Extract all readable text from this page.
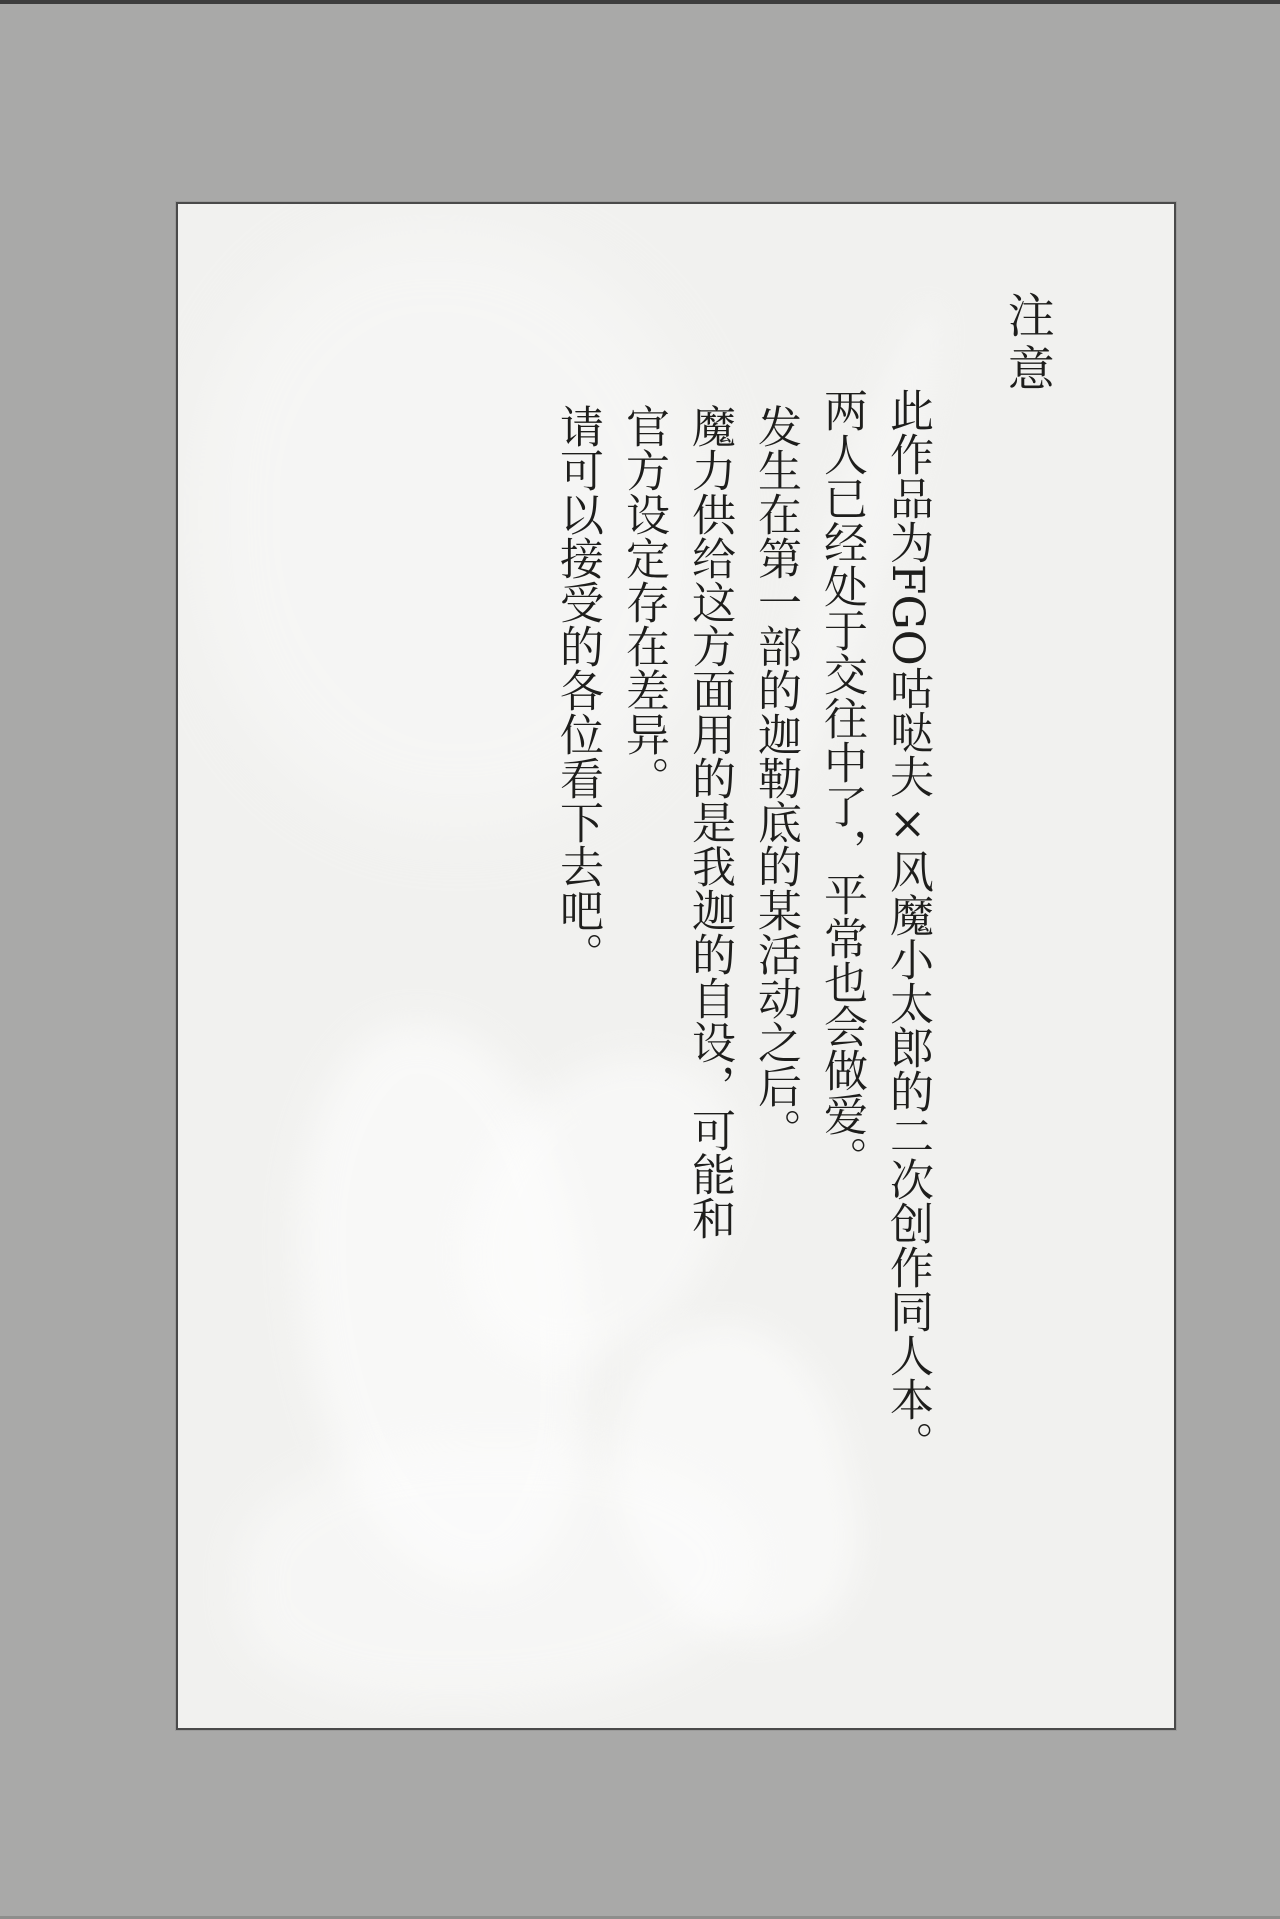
注意

此作品为FGO咕哒夫×风魔小太郎的二次创作同人本。

两人已经处于交往中了，平常也会做爱。

发生在第一部的迦勒底的某活动之后。

魔力供给这方面用的是我迦的自设，可能和

官方设定存在差异。

请可以接受的各位看下去吧。
